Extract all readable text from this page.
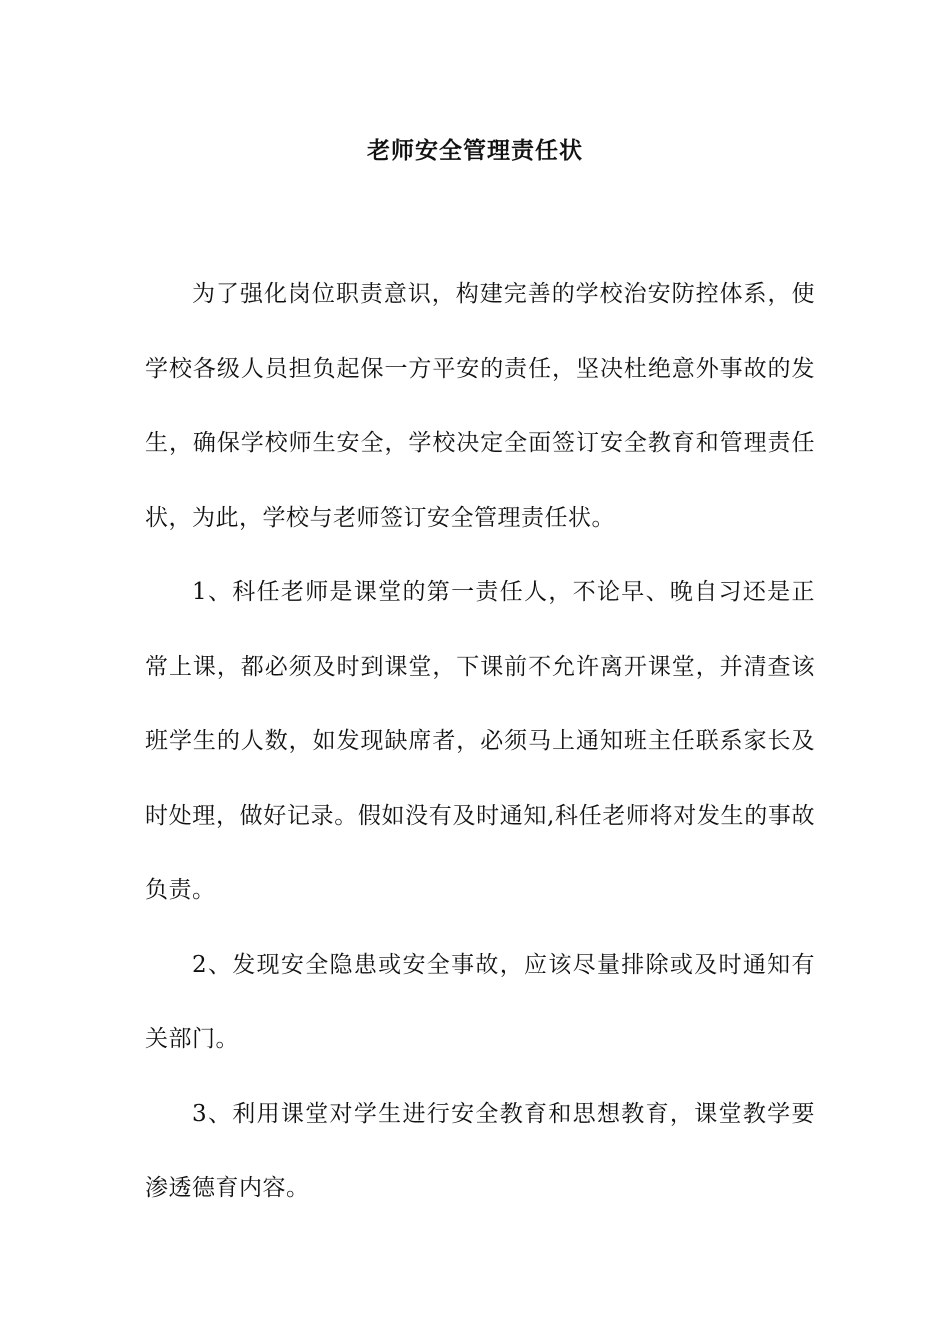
老师安全管理责任状

为了强化岗位职责意识，构建完善的学校治安防控体系，使学校各级人员担负起保一方平安的责任，坚决杜绝意外事故的发生，确保学校师生安全，学校决定全面签订安全教育和管理责任状，为此，学校与老师签订安全管理责任状。

1、科任老师是课堂的第一责任人，不论早、晚自习还是正常上课，都必须及时到课堂，下课前不允许离开课堂，并清查该班学生的人数，如发现缺席者，必须马上通知班主任联系家长及时处理，做好记录。假如没有及时通知,科任老师将对发生的事故负责。

2、发现安全隐患或安全事故，应该尽量排除或及时通知有关部门。

3、利用课堂对学生进行安全教育和思想教育，课堂教学要渗透德育内容。
